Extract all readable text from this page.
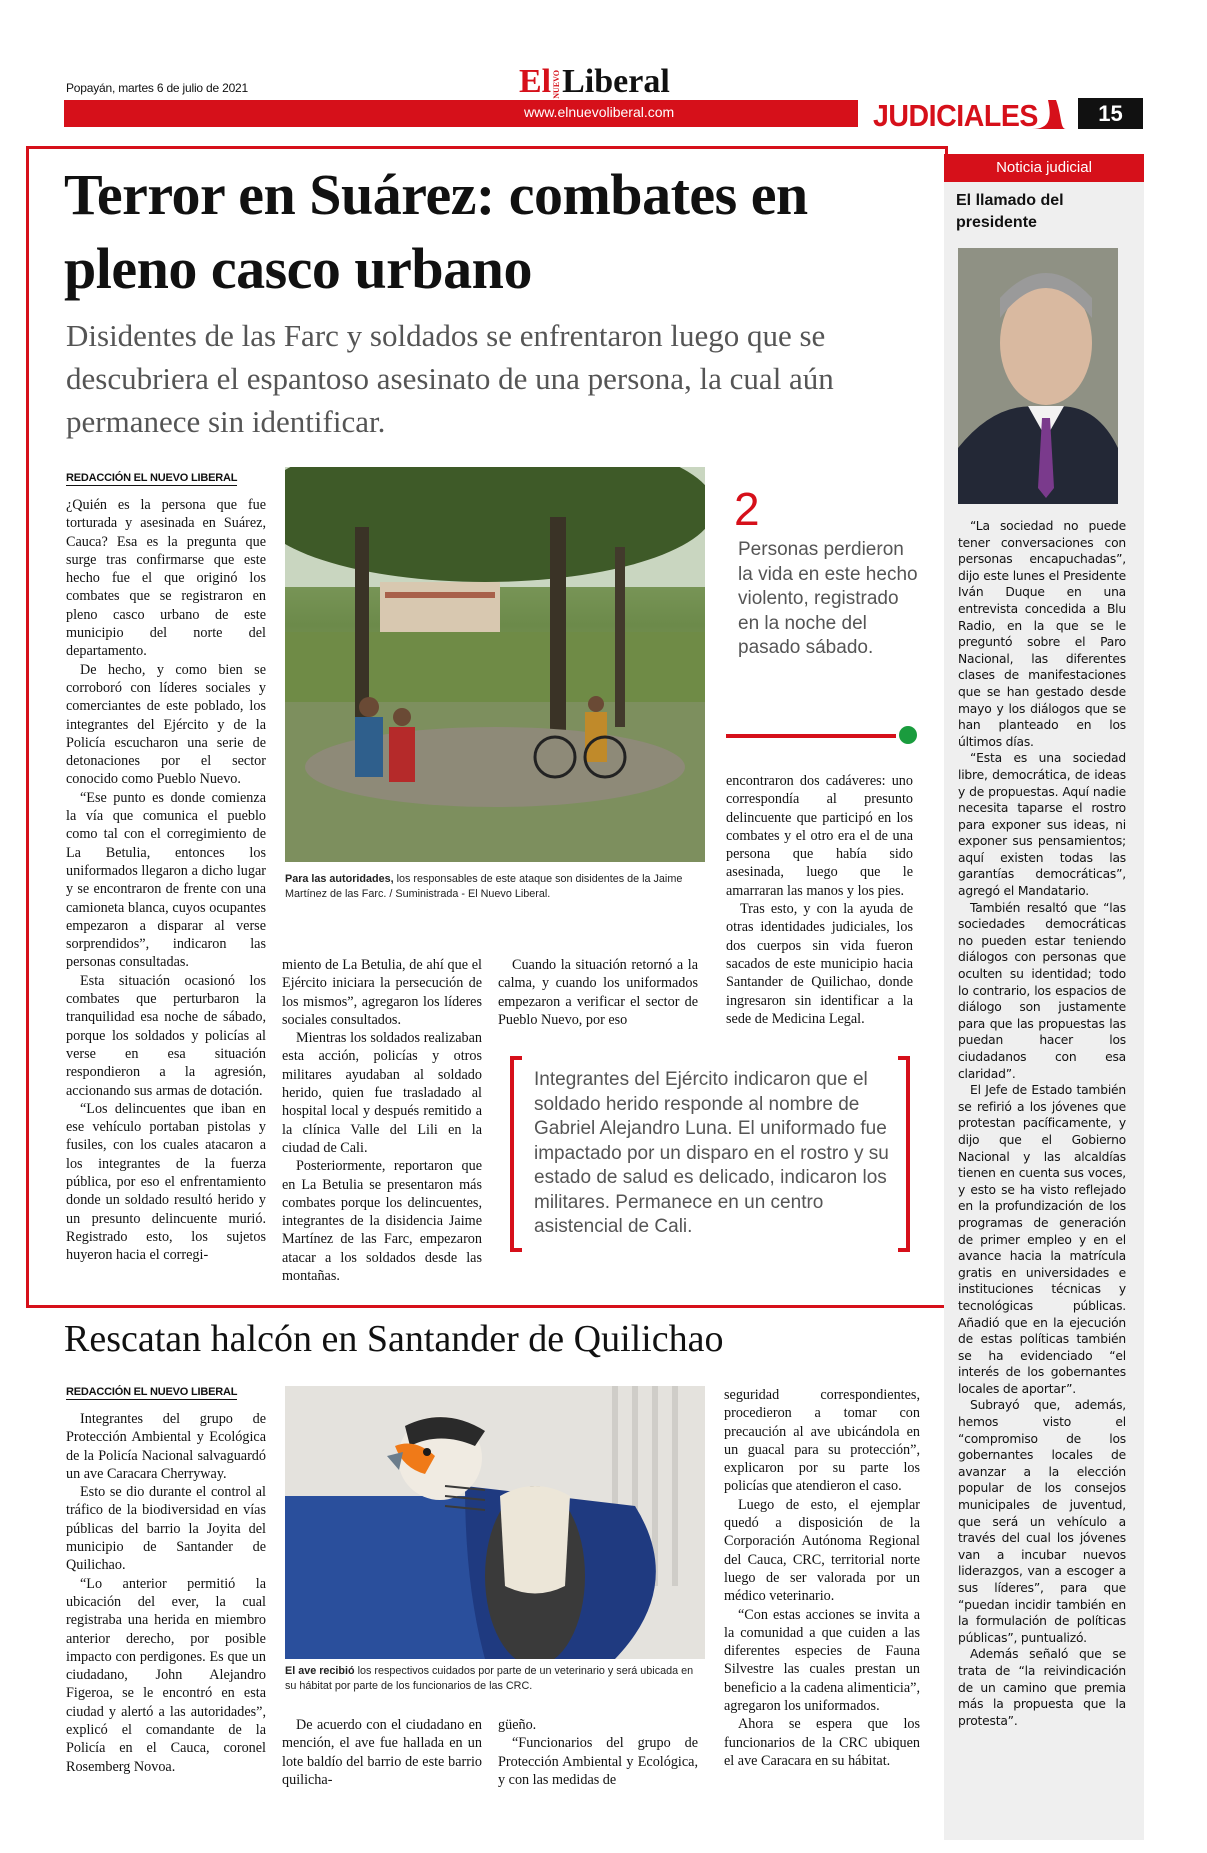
Popayán, martes 6 de julio de 2021	ElNUEVOLiberal
www.elnuevoliberal.com	JUDICIALES	15
Terror en Suárez: combates en pleno casco urbano
Disidentes de las Farc y soldados se enfrentaron luego que se descubriera el espantoso asesinato de una persona, la cual aún permanece sin identificar.
REDACCIÓN EL NUEVO LIBERAL

¿Quién es la persona que fue torturada y asesinada en Suárez, Cauca? Esa es la pregunta que surge tras confirmarse que este hecho fue el que originó los combates que se registraron en pleno casco urbano de este municipio del norte del departamento.

De hecho, y como bien se corroboró con líderes sociales y comerciantes de este poblado, los integrantes del Ejército y de la Policía escucharon una serie de detonaciones por el sector conocido como Pueblo Nuevo.

“Ese punto es donde comienza la vía que comunica el pueblo como tal con el corregimiento de La Betulia, entonces los uniformados llegaron a dicho lugar y se encontraron de frente con una camioneta blanca, cuyos ocupantes empezaron a disparar al verse sorprendidos”, indicaron las personas consultadas.

Esta situación ocasionó los combates que perturbaron la tranquilidad esa noche de sábado, porque los soldados y policías al verse en esa situación respondieron a la agresión, accionando sus armas de dotación.

“Los delincuentes que iban en ese vehículo portaban pistolas y fusiles, con los cuales atacaron a los integrantes de la fuerza pública, por eso el enfrentamiento donde un soldado resultó herido y un presunto delincuente murió. Registrado esto, los sujetos huyeron hacia el corregi-

Para las autoridades, los responsables de este ataque son disidentes de la Jaime Martínez de las Farc. / Suministrada - El Nuevo Liberal.
2
Personas perdieron la vida en este hecho violento, registrado en la noche del pasado sábado.

encontraron dos cadáveres: uno correspondía al presunto delincuente que participó en los combates y el otro era el de una persona que había sido asesinada, luego que le amarraran las manos y los pies.

Tras esto, y con la ayuda de otras identidades judiciales, los dos cuerpos sin vida fueron sacados de este municipio hacia Santander de Quilichao, donde ingresaron sin identificar a la sede de Medicina Legal.

miento de La Betulia, de ahí que el Ejército iniciara la persecución de los mismos”, agregaron los líderes sociales consultados.

Mientras los soldados realizaban esta acción, policías y otros militares ayudaban al soldado herido, quien fue trasladado al hospital local y después remitido a la clínica Valle del Lili en la ciudad de Cali.

Posteriormente, reportaron que en La Betulia se presentaron más combates porque los delincuentes, integrantes de la disidencia Jaime Martínez de las Farc, empezaron atacar a los soldados desde las montañas.

Cuando la situación retornó a la calma, y cuando los uniformados empezaron a verificar el sector de Pueblo Nuevo, por eso

Integrantes del Ejército indicaron que el soldado herido responde al nombre de Gabriel Alejandro Luna. El uniformado fue impactado por un disparo en el rostro y su estado de salud es delicado, indicaron los militares. Permanece en un centro asistencial de Cali.
Noticia judicial
El llamado del presidente

“La sociedad no puede tener conversaciones con personas encapuchadas”, dijo este lunes el Presidente Iván Duque en una entrevista concedida a Blu Radio, en la que se le preguntó sobre el Paro Nacional, las diferentes clases de manifestaciones que se han gestado desde mayo y los diálogos que se han planteado en los últimos días.

“Esta es una sociedad libre, democrática, de ideas y de propuestas. Aquí nadie necesita taparse el rostro para exponer sus ideas, ni exponer sus pensamientos; aquí existen todas las garantías democráticas”, agregó el Mandatario.

También resaltó que “las sociedades democráticas no pueden estar teniendo diálogos con personas que oculten su identidad; todo lo contrario, los espacios de diálogo son justamente para que las propuestas las puedan hacer los ciudadanos con esa claridad”.

El Jefe de Estado también se refirió a los jóvenes que protestan pacíficamente, y dijo que el Gobierno Nacional y las alcaldías tienen en cuenta sus voces, y esto se ha visto reflejado en la profundización de los programas de generación de primer empleo y en el avance hacia la matrícula gratis en universidades e instituciones técnicas y tecnológicas públicas. Añadió que en la ejecución de estas políticas también se ha evidenciado “el interés de los gobernantes locales de aportar”.

Subrayó que, además, hemos visto el “compromiso de los gobernantes locales de avanzar a la elección popular de los consejos municipales de juventud, que será un vehículo a través del cual los jóvenes van a incubar nuevos liderazgos, van a escoger a sus líderes”, para que “puedan incidir también en la formulación de políticas públicas”, puntualizó.

Además señaló que se trata de “la reivindicación de un camino que premia más la propuesta que la protesta”.

Rescatan halcón en Santander de Quilichao
REDACCIÓN EL NUEVO LIBERAL

Integrantes del grupo de Protección Ambiental y Ecológica de la Policía Nacional salvaguardó un ave Caracara Cherryway.

Esto se dio durante el control al tráfico de la biodiversidad en vías públicas del barrio la Joyita del municipio de Santander de Quilichao.

“Lo anterior permitió la ubicación del ever, la cual registraba una herida en miembro anterior derecho, por posible impacto con perdigones. Es que un ciudadano, John Alejandro Figeroa, se le encontró en esta ciudad y alertó a las autoridades”, explicó el comandante de la Policía en el Cauca, coronel Rosemberg Novoa.

El ave recibió los respectivos cuidados por parte de un veterinario y será ubicada en su hábitat por parte de los funcionarios de las CRC.

De acuerdo con el ciudadano en mención, el ave fue hallada en un lote baldío del barrio de este barrio quilicha-

güeño.

“Funcionarios del grupo de Protección Ambiental y Ecológica, y con las medidas de

seguridad correspondientes, procedieron a tomar con precaución al ave ubicándola en un guacal para su protección”, explicaron por su parte los policías que atendieron el caso.

Luego de esto, el ejemplar quedó a disposición de la Corporación Autónoma Regional del Cauca, CRC, territorial norte luego de ser valorada por un médico veterinario.

“Con estas acciones se invita a la comunidad a que cuiden a las diferentes especies de Fauna Silvestre las cuales prestan un beneficio a la cadena alimenticia”, agregaron los uniformados.

Ahora se espera que los funcionarios de la CRC ubiquen el ave Caracara en su hábitat.
